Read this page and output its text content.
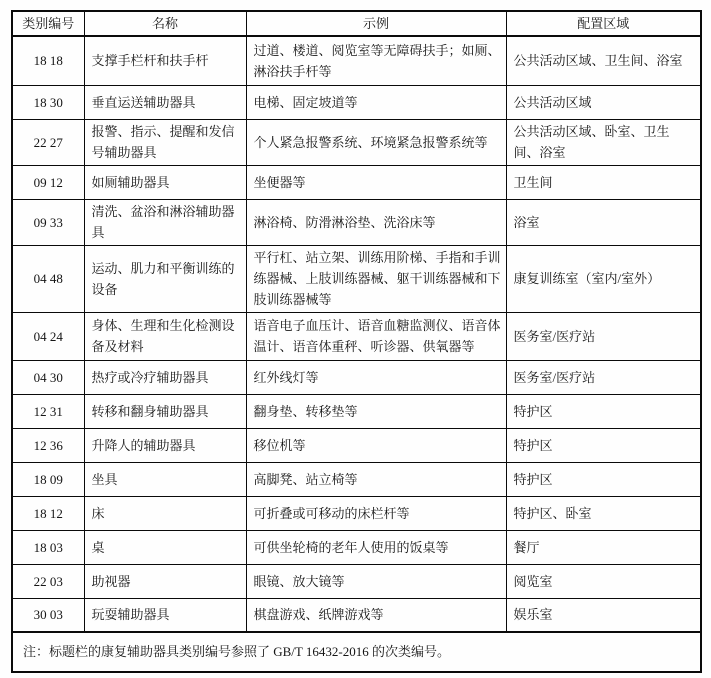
类别编号	名称	示例	配置区域
18 18	支撑手栏杆和扶手杆	过道、楼道、阅览室等无障碍扶手；如厕、淋浴扶手杆等	公共活动区域、卫生间、浴室
18 30	垂直运送辅助器具	电梯、固定坡道等	公共活动区域
22 27	报警、指示、提醒和发信号辅助器具	个人紧急报警系统、环境紧急报警系统等	公共活动区域、卧室、卫生间、浴室
09 12	如厕辅助器具	坐便器等	卫生间
09 33	清洗、盆浴和淋浴辅助器具	淋浴椅、防滑淋浴垫、洗浴床等	浴室
04 48	运动、肌力和平衡训练的设备	平行杠、站立架、训练用阶梯、手指和手训练器械、上肢训练器械、躯干训练器械和下肢训练器械等	康复训练室（室内/室外）
04 24	身体、生理和生化检测设备及材料	语音电子血压计、语音血糖监测仪、语音体温计、语音体重秤、听诊器、供氧器等	医务室/医疗站
04 30	热疗或冷疗辅助器具	红外线灯等	医务室/医疗站
12 31	转移和翻身辅助器具	翻身垫、转移垫等	特护区
12 36	升降人的辅助器具	移位机等	特护区
18 09	坐具	高脚凳、站立椅等	特护区
18 12	床	可折叠或可移动的床栏杆等	特护区、卧室
18 03	桌	可供坐轮椅的老年人使用的饭桌等	餐厅
22 03	助视器	眼镜、放大镜等	阅览室
30 03	玩耍辅助器具	棋盘游戏、纸牌游戏等	娱乐室
注：标题栏的康复辅助器具类别编号参照了 GB/T 16432-2016 的次类编号。			
